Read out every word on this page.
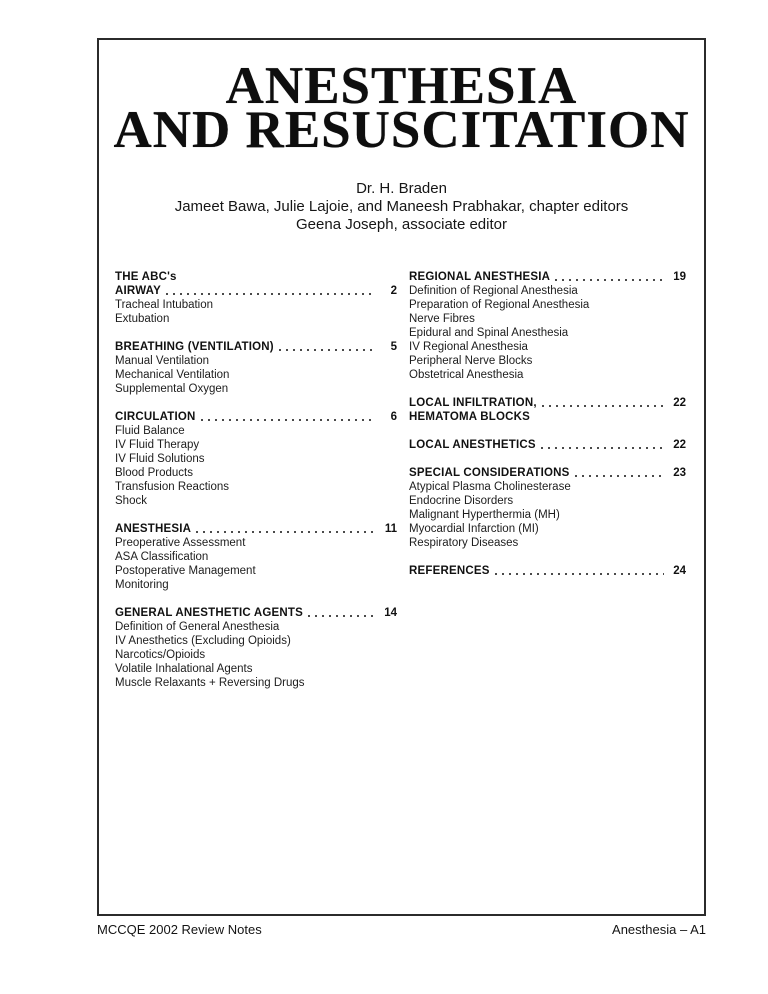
ANESTHESIA
AND RESUSCITATION
Dr. H. Braden
Jameet Bawa, Julie Lajoie, and Maneesh Prabhakar, chapter editors
Geena Joseph, associate editor
THE ABC's
AIRWAY	2
Tracheal Intubation
Extubation
BREATHING (VENTILATION)	5
Manual Ventilation
Mechanical Ventilation
Supplemental Oxygen
CIRCULATION	6
Fluid Balance
IV Fluid Therapy
IV Fluid Solutions
Blood Products
Transfusion Reactions
Shock
ANESTHESIA	11
Preoperative Assessment
ASA Classification
Postoperative Management
Monitoring
GENERAL ANESTHETIC AGENTS	14
Definition of General Anesthesia
IV Anesthetics (Excluding Opioids)
Narcotics/Opioids
Volatile Inhalational Agents
Muscle Relaxants + Reversing Drugs
REGIONAL ANESTHESIA	19
Definition of Regional Anesthesia
Preparation of Regional Anesthesia
Nerve Fibres
Epidural and Spinal Anesthesia
IV Regional Anesthesia
Peripheral Nerve Blocks
Obstetrical Anesthesia
LOCAL INFILTRATION,	22
HEMATOMA BLOCKS
LOCAL ANESTHETICS	22
SPECIAL CONSIDERATIONS	23
Atypical Plasma Cholinesterase
Endocrine Disorders
Malignant Hyperthermia (MH)
Myocardial Infarction (MI)
Respiratory Diseases
REFERENCES	24
MCCQE 2002 Review Notes	Anesthesia – A1
